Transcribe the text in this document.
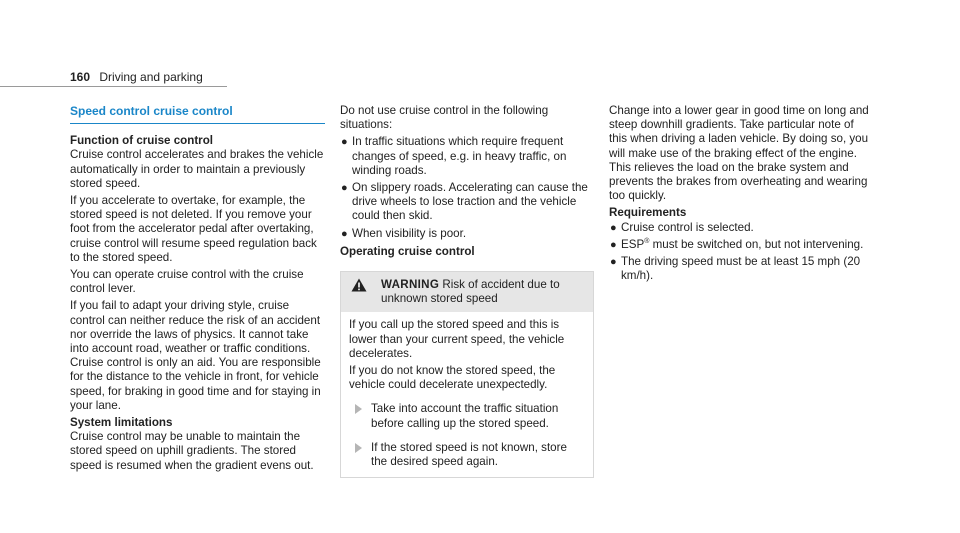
160 Driving and parking
Speed control cruise control
Function of cruise control

Cruise control accelerates and brakes the vehicle automatically in order to maintain a previously stored speed.

If you accelerate to overtake, for example, the stored speed is not deleted. If you remove your foot from the accelerator pedal after overtaking, cruise control will resume speed regulation back to the stored speed.

You can operate cruise control with the cruise control lever.

If you fail to adapt your driving style, cruise control can neither reduce the risk of an accident nor override the laws of physics. It cannot take into account road, weather or traffic conditions. Cruise control is only an aid. You are responsible for the distance to the vehicle in front, for vehicle speed, for braking in good time and for staying in your lane.

System limitations

Cruise control may be unable to maintain the stored speed on uphill gradients. The stored speed is resumed when the gradient evens out.

Do not use cruise control in the following situations:

● In traffic situations which require frequent changes of speed, e.g. in heavy traffic, on winding roads.
● On slippery roads. Accelerating can cause the drive wheels to lose traction and the vehicle could then skid.
● When visibility is poor.
Operating cruise control
WARNING Risk of accident due to unknown stored speed

If you call up the stored speed and this is lower than your current speed, the vehicle decelerates.

If you do not know the stored speed, the vehicle could decelerate unexpectedly.

Take into account the traffic situation before calling up the stored speed.
If the stored speed is not known, store the desired speed again.

Change into a lower gear in good time on long and steep downhill gradients. Take particular note of this when driving a laden vehicle. By doing so, you will make use of the braking effect of the engine. This relieves the load on the brake system and prevents the brakes from overheating and wearing too quickly.

Requirements
● Cruise control is selected.
● ESP® must be switched on, but not intervening.
● The driving speed must be at least 15 mph (20 km/h).
